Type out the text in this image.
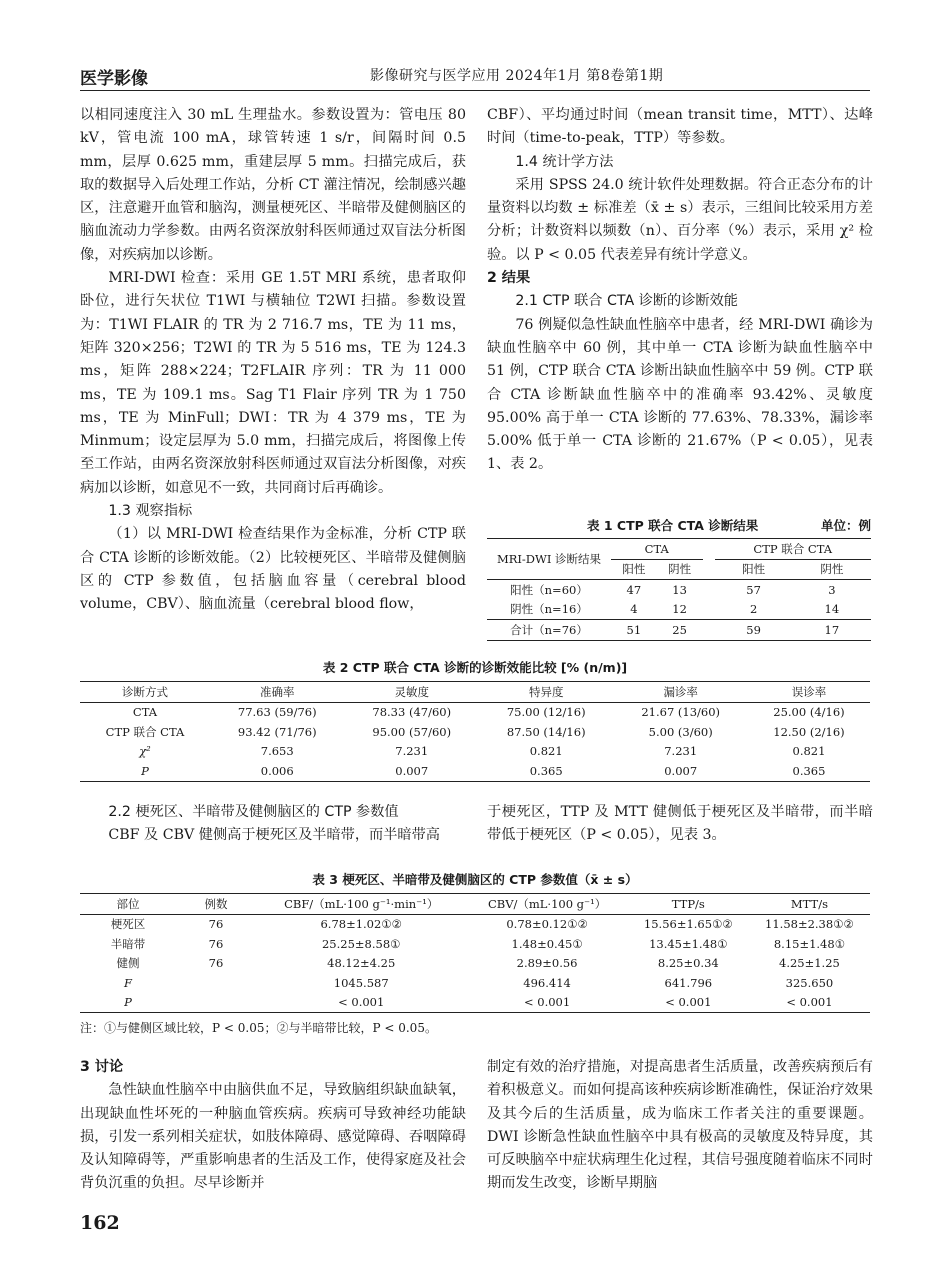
医学影像	影像研究与医学应用 2024年1月 第8卷第1期

以相同速度注入 30 mL 生理盐水。参数设置为：管电压 80 kV，管电流 100 mA，球管转速 1 s/r，间隔时间 0.5 mm，层厚 0.625 mm，重建层厚 5 mm。扫描完成后，获取的数据导入后处理工作站，分析 CT 灌注情况，绘制感兴趣区，注意避开血管和脑沟，测量梗死区、半暗带及健侧脑区的脑血流动力学参数。由两名资深放射科医师通过双盲法分析图像，对疾病加以诊断。

MRI-DWI 检查：采用 GE 1.5T MRI 系统，患者取仰卧位，进行矢状位 T1WI 与横轴位 T2WI 扫描。参数设置为：T1WI FLAIR 的 TR 为 2 716.7 ms，TE 为 11 ms，矩阵 320×256；T2WI 的 TR 为 5 516 ms，TE 为 124.3 ms，矩阵 288×224；T2FLAIR 序列：TR 为 11 000 ms，TE 为 109.1 ms。Sag T1 Flair 序列 TR 为 1 750 ms，TE 为 MinFull；DWI：TR 为 4 379 ms，TE 为 Minmum；设定层厚为 5.0 mm，扫描完成后，将图像上传至工作站，由两名资深放射科医师通过双盲法分析图像，对疾病加以诊断，如意见不一致，共同商讨后再确诊。

1.3 观察指标

（1）以 MRI-DWI 检查结果作为金标准，分析 CTP 联合 CTA 诊断的诊断效能。（2）比较梗死区、半暗带及健侧脑区的 CTP 参数值，包括脑血容量（cerebral blood volume，CBV）、脑血流量（cerebral blood flow，

CBF）、平均通过时间（mean transit time，MTT）、达峰时间（time-to-peak，TTP）等参数。

1.4 统计学方法

采用 SPSS 24.0 统计软件处理数据。符合正态分布的计量资料以均数 ± 标准差（x̄ ± s）表示，三组间比较采用方差分析；计数资料以频数（n）、百分率（%）表示，采用 χ² 检验。以 P < 0.05 代表差异有统计学意义。

2 结果

2.1 CTP 联合 CTA 诊断的诊断效能

76 例疑似急性缺血性脑卒中患者，经 MRI-DWI 确诊为缺血性脑卒中 60 例，其中单一 CTA 诊断为缺血性脑卒中 51 例，CTP 联合 CTA 诊断出缺血性脑卒中 59 例。CTP 联合 CTA 诊断缺血性脑卒中的准确率 93.42%、灵敏度 95.00% 高于单一 CTA 诊断的 77.63%、78.33%，漏诊率 5.00% 低于单一 CTA 诊断的 21.67%（P < 0.05），见表 1、表 2。

表 1 CTP 联合 CTA 诊断结果	单位：例
MRI-DWI 诊断结果	CTA			CTP 联合 CTA	
	阳性	阴性		阳性	阴性
阳性（n=60）	47	13		57	3
阴性（n=16）	4	12		2	14
合计（n=76）	51	25		59	17
表 2 CTP 联合 CTA 诊断的诊断效能比较 [% (n/m)]
诊断方式	准确率	灵敏度	特异度	漏诊率	误诊率
CTA	77.63 (59/76)	78.33 (47/60)	75.00 (12/16)	21.67 (13/60)	25.00 (4/16)
CTP 联合 CTA	93.42 (71/76)	95.00 (57/60)	87.50 (14/16)	5.00 (3/60)	12.50 (2/16)
χ²	7.653	7.231	0.821	7.231	0.821
P	0.006	0.007	0.365	0.007	0.365

2.2 梗死区、半暗带及健侧脑区的 CTP 参数值

CBF 及 CBV 健侧高于梗死区及半暗带，而半暗带高

于梗死区，TTP 及 MTT 健侧低于梗死区及半暗带，而半暗带低于梗死区（P < 0.05），见表 3。

表 3 梗死区、半暗带及健侧脑区的 CTP 参数值（x̄ ± s）
部位	例数	CBF/（mL·100 g⁻¹·min⁻¹）	CBV/（mL·100 g⁻¹）	TTP/s	MTT/s
梗死区	76	6.78±1.02①②	0.78±0.12①②	15.56±1.65①②	11.58±2.38①②
半暗带	76	25.25±8.58①	1.48±0.45①	13.45±1.48①	8.15±1.48①
健侧	76	48.12±4.25	2.89±0.56	8.25±0.34	4.25±1.25
F		1045.587	496.414	641.796	325.650
P		< 0.001	< 0.001	< 0.001	< 0.001
注：①与健侧区域比较，P < 0.05；②与半暗带比较，P < 0.05。

3 讨论

急性缺血性脑卒中由脑供血不足，导致脑组织缺血缺氧，出现缺血性坏死的一种脑血管疾病。疾病可导致神经功能缺损，引发一系列相关症状，如肢体障碍、感觉障碍、吞咽障碍及认知障碍等，严重影响患者的生活及工作，使得家庭及社会背负沉重的负担。尽早诊断并

制定有效的治疗措施，对提高患者生活质量，改善疾病预后有着积极意义。而如何提高该种疾病诊断准确性，保证治疗效果及其今后的生活质量，成为临床工作者关注的重要课题。DWI 诊断急性缺血性脑卒中具有极高的灵敏度及特异度，其可反映脑卒中症状病理生化过程，其信号强度随着临床不同时期而发生改变，诊断早期脑

162
